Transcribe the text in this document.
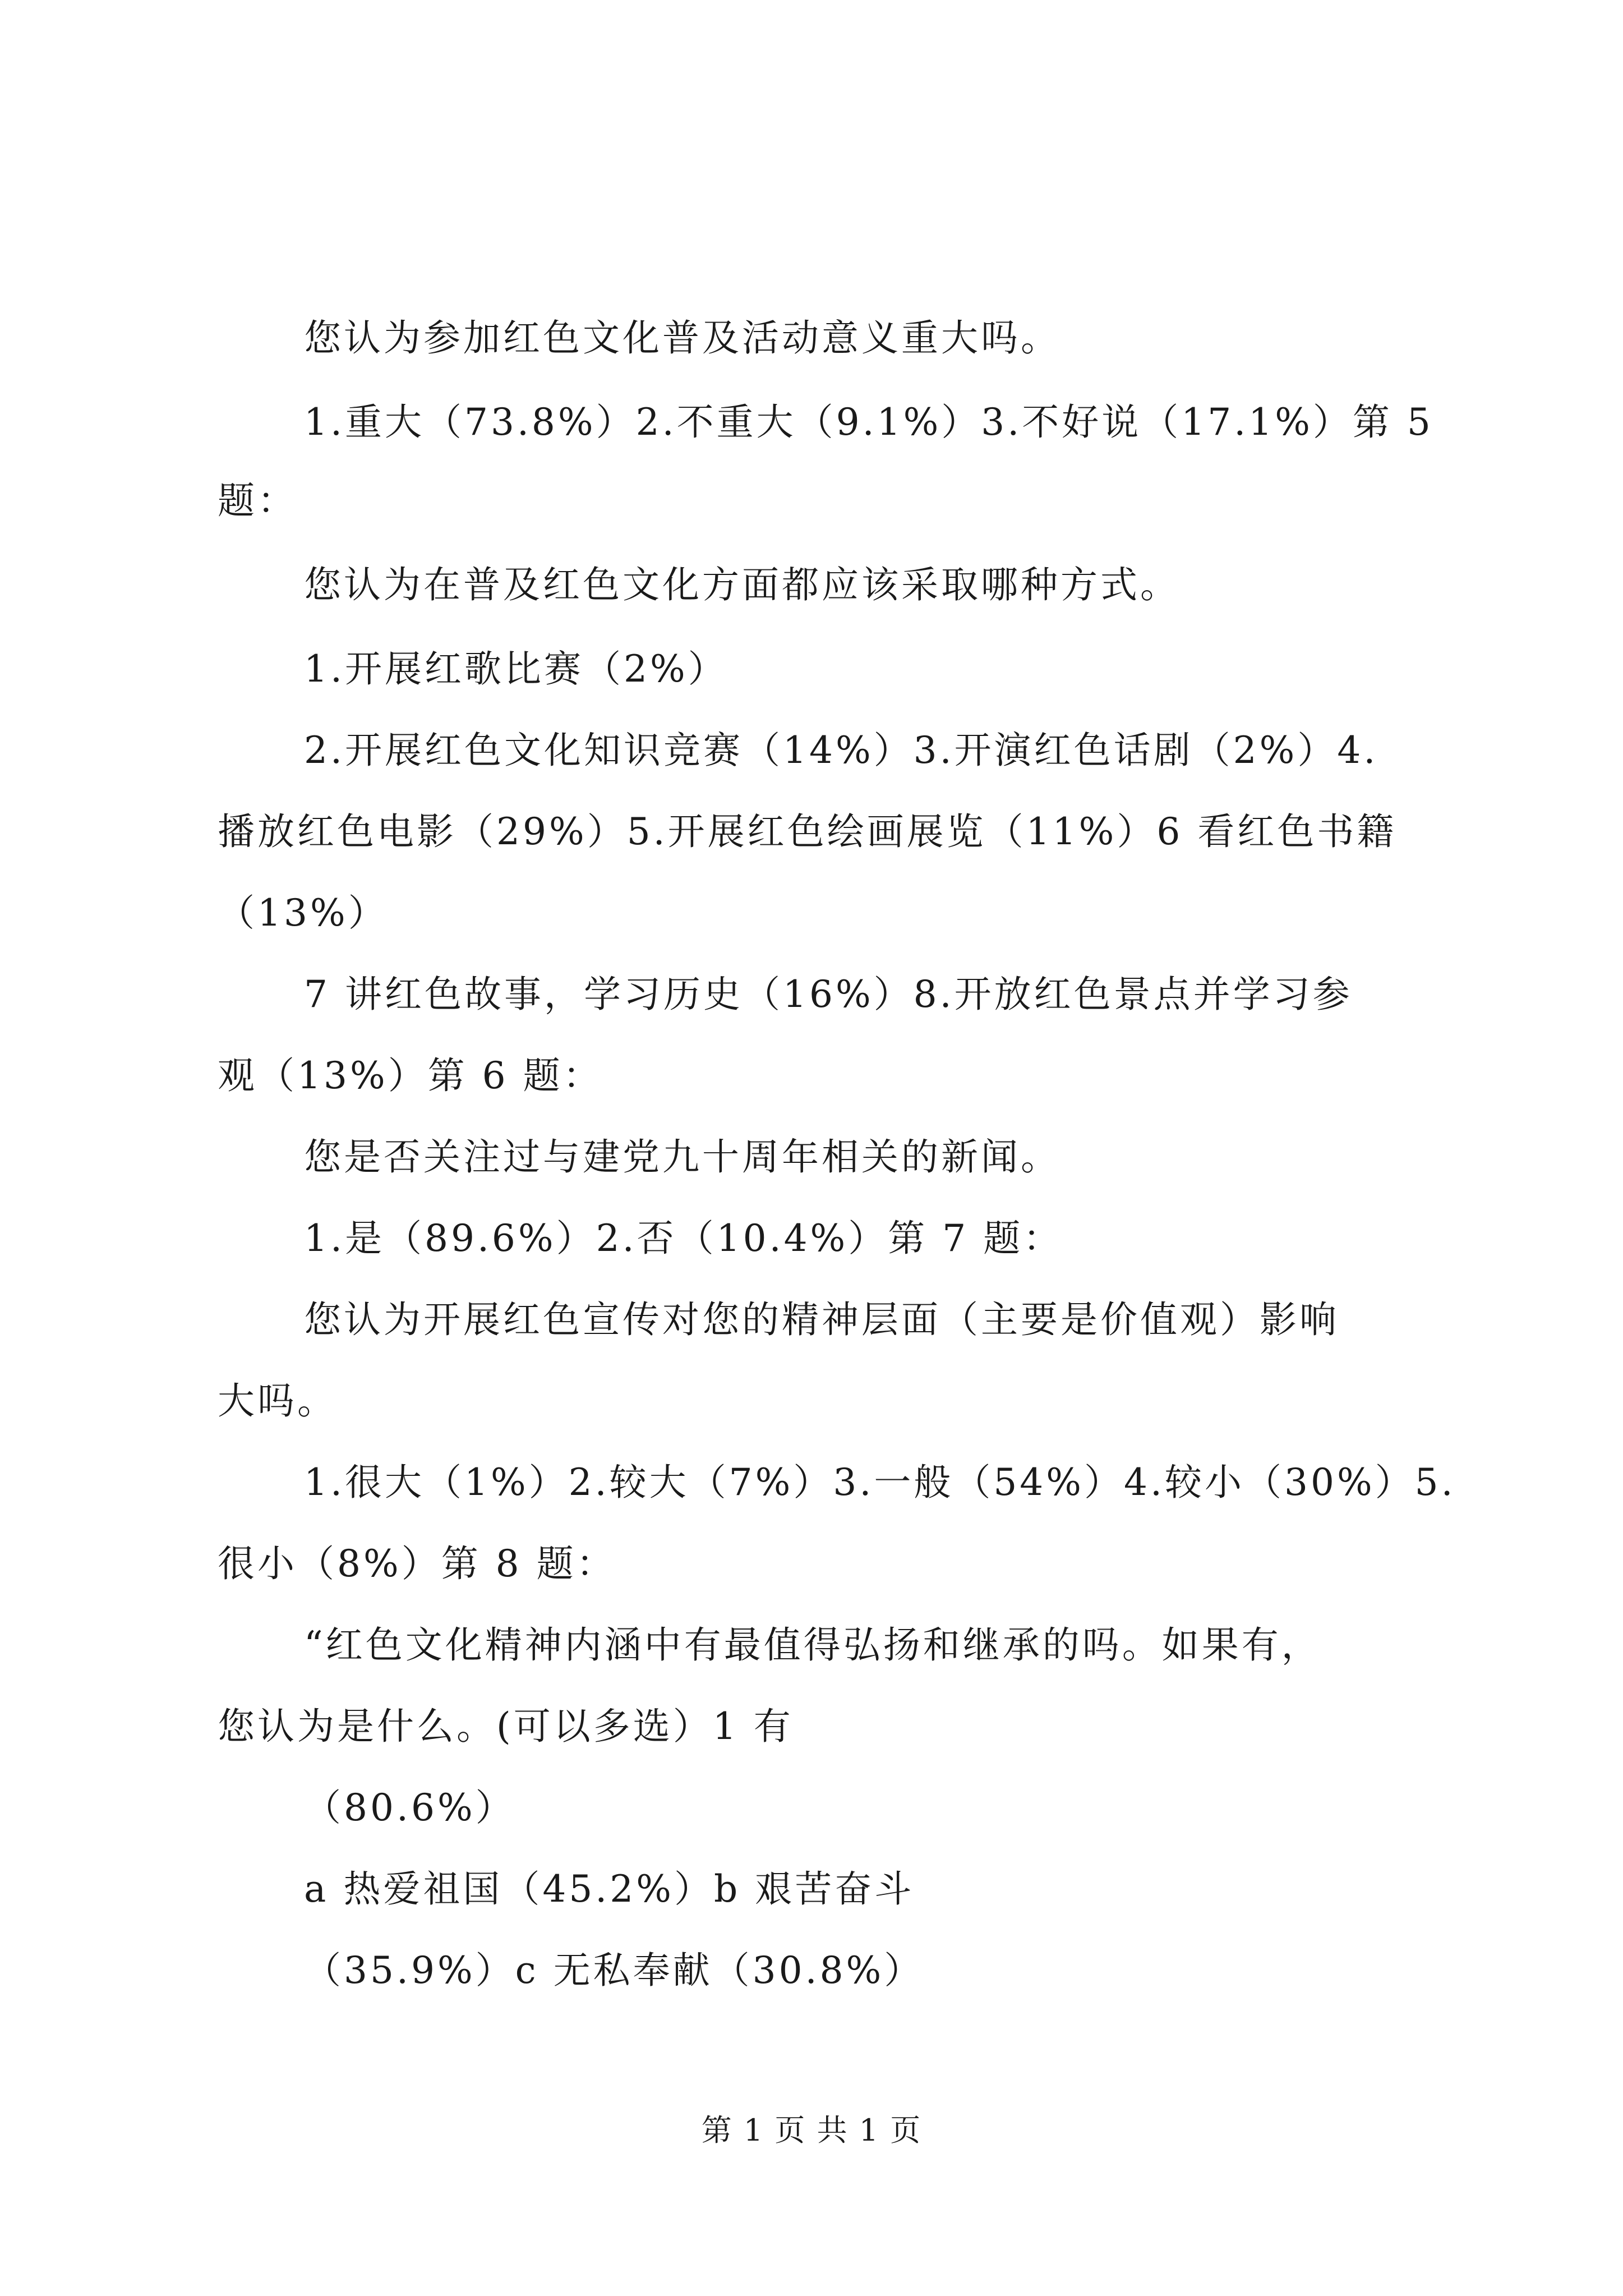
您认为参加红色文化普及活动意义重大吗。

1.重大（73.8%）2.不重大（9.1%）3.不好说（17.1%）第 5

题：

您认为在普及红色文化方面都应该采取哪种方式。

1.开展红歌比赛（2%）

2.开展红色文化知识竞赛（14%）3.开演红色话剧（2%）4.

播放红色电影（29%）5.开展红色绘画展览（11%）6 看红色书籍

（13%）

7 讲红色故事，学习历史（16%）8.开放红色景点并学习参

观（13%）第 6 题：

您是否关注过与建党九十周年相关的新闻。

1.是（89.6%）2.否（10.4%）第 7 题：

您认为开展红色宣传对您的精神层面（主要是价值观）影响

大吗。

1.很大（1%）2.较大（7%）3.一般（54%）4.较小（30%）5.

很小（8%）第 8 题：

“红色文化精神内涵中有最值得弘扬和继承的吗。如果有，

您认为是什么。(可以多选）1 有

（80.6%）

a 热爱祖国（45.2%）b 艰苦奋斗

（35.9%）c 无私奉献（30.8%）

第 1 页 共 1 页
